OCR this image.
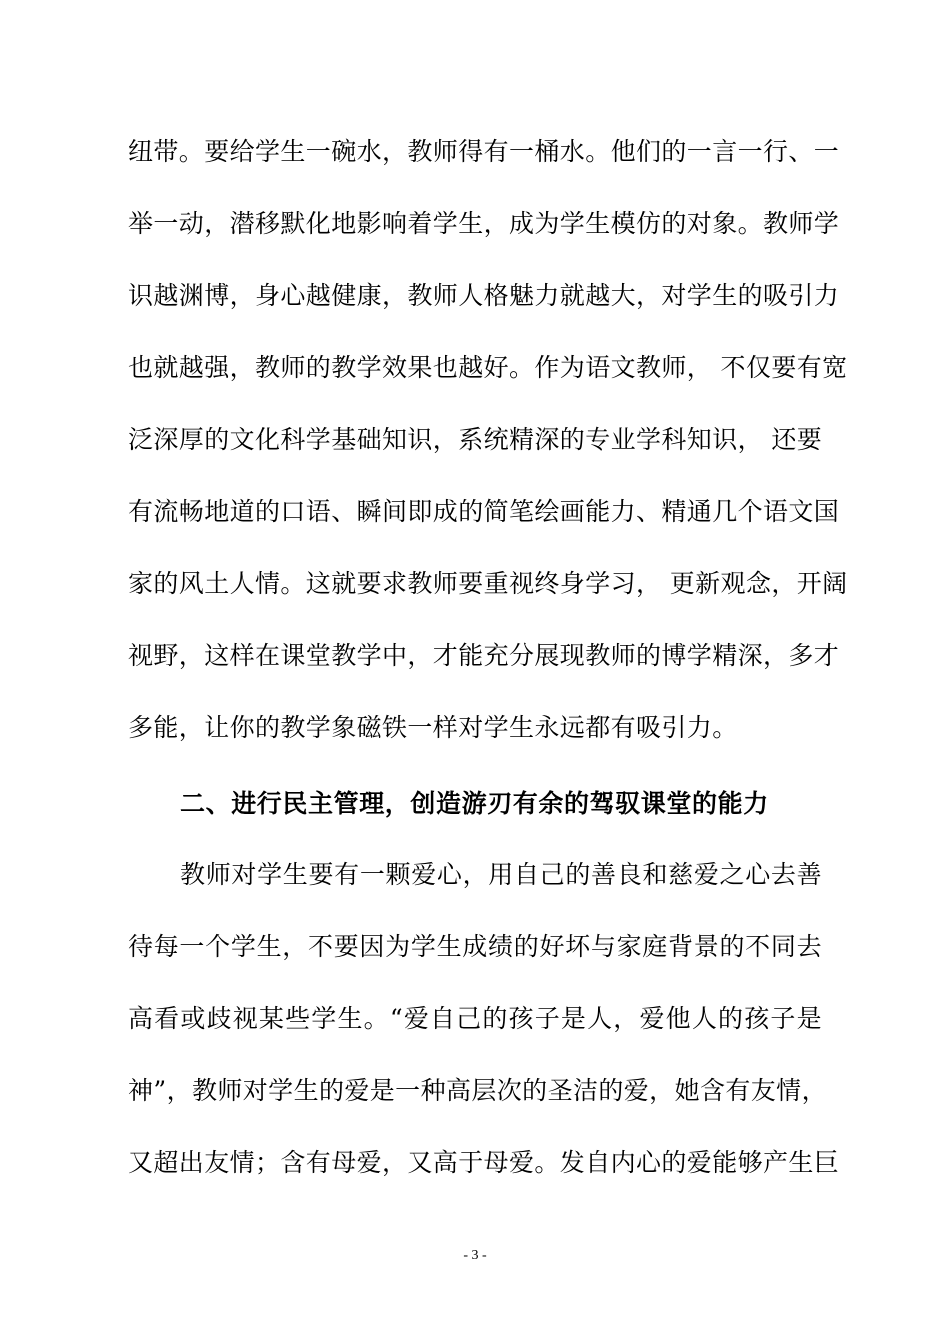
纽带。要给学生一碗水，教师得有一桶水。他们的一言一行、一
举一动，潜移默化地影响着学生，成为学生模仿的对象。教师学
识越渊博，身心越健康，教师人格魅力就越大，对学生的吸引力
也就越强，教师的教学效果也越好。作为语文教师， 不仅要有宽
泛深厚的文化科学基础知识，系统精深的专业学科知识， 还要
有流畅地道的口语、瞬间即成的简笔绘画能力、精通几个语文国
家的风土人情。这就要求教师要重视终身学习， 更新观念，开阔
视野，这样在课堂教学中，才能充分展现教师的博学精深，多才
多能，让你的教学象磁铁一样对学生永远都有吸引力。
二、进行民主管理，创造游刃有余的驾驭课堂的能力
教师对学生要有一颗爱心，用自己的善良和慈爱之心去善
待每一个学生，不要因为学生成绩的好坏与家庭背景的不同去
高看或歧视某些学生。“爱自己的孩子是人，爱他人的孩子是
神”，教师对学生的爱是一种高层次的圣洁的爱，她含有友情，
又超出友情；含有母爱，又高于母爱。发自内心的爱能够产生巨
- 3 -
